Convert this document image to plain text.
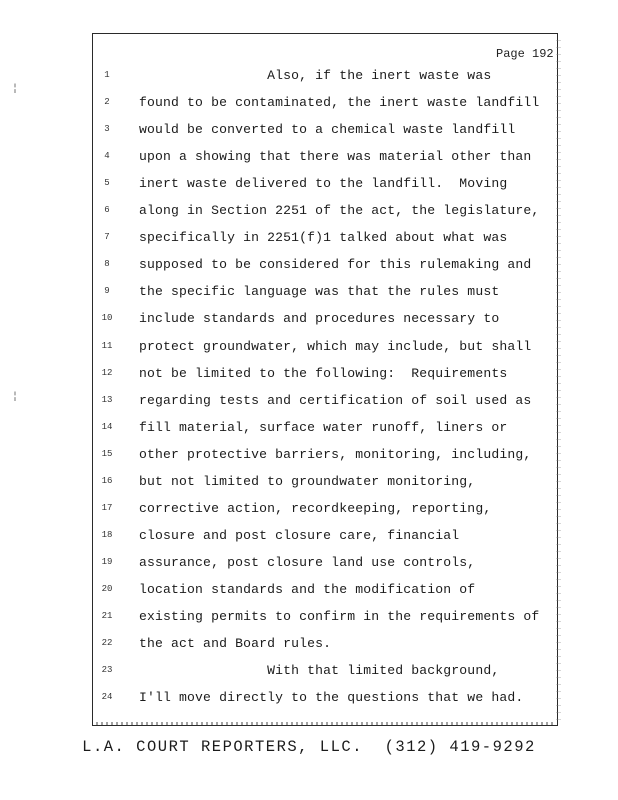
¦
¦
Page 192
1	Also, if the inert waste was
2	found to be contaminated, the inert waste landfill
3	would be converted to a chemical waste landfill
4	upon a showing that there was material other than
5	inert waste delivered to the landfill.  Moving
6	along in Section 2251 of the act, the legislature,
7	specifically in 2251(f)1 talked about what was
8	supposed to be considered for this rulemaking and
9	the specific language was that the rules must
10	include standards and procedures necessary to
11	protect groundwater, which may include, but shall
12	not be limited to the following:  Requirements
13	regarding tests and certification of soil used as
14	fill material, surface water runoff, liners or
15	other protective barriers, monitoring, including,
16	but not limited to groundwater monitoring,
17	corrective action, recordkeeping, reporting,
18	closure and post closure care, financial
19	assurance, post closure land use controls,
20	location standards and the modification of
21	existing permits to confirm in the requirements of
22	the act and Board rules.
23	With that limited background,
24	I'll move directly to the questions that we had.
L.A. COURT REPORTERS, LLC.  (312) 419-9292
